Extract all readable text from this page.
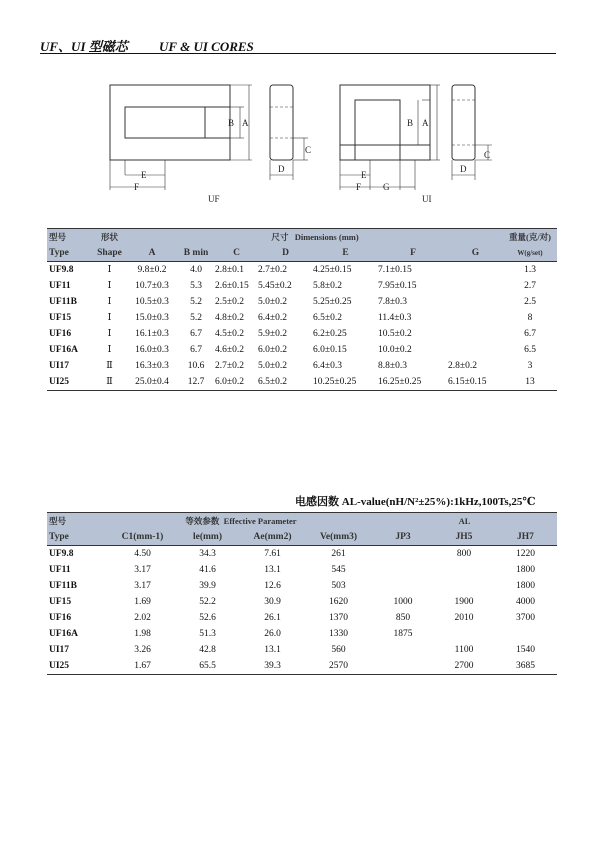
UF、UI 型磁芯 UF & UI CORES
B A
E
F
D
C
UF
B A
E
F G
D
C
UI
型号	形状	尺寸 Dimensions (mm)							重量(克/对)
Type	Shape	A	B min	C	D	E	F	G	W(g/set)
UF9.8	Ⅰ	9.8±0.2	4.0	2.8±0.1	2.7±0.2	4.25±0.15	7.1±0.15		1.3
UF11	Ⅰ	10.7±0.3	5.3	2.6±0.15	5.45±0.2	5.8±0.2	7.95±0.15		2.7
UF11B	Ⅰ	10.5±0.3	5.2	2.5±0.2	5.0±0.2	5.25±0.25	7.8±0.3		2.5
UF15	Ⅰ	15.0±0.3	5.2	4.8±0.2	6.4±0.2	6.5±0.2	11.4±0.3		8
UF16	Ⅰ	16.1±0.3	6.7	4.5±0.2	5.9±0.2	6.2±0.25	10.5±0.2		6.7
UF16A	Ⅰ	16.0±0.3	6.7	4.6±0.2	6.0±0.2	6.0±0.15	10.0±0.2		6.5
UI17	Ⅱ	16.3±0.3	10.6	2.7±0.2	5.0±0.2	6.4±0.3	8.8±0.3	2.8±0.2	3
UI25	Ⅱ	25.0±0.4	12.7	6.0±0.2	6.5±0.2	10.25±0.25	16.25±0.25	6.15±0.15	13
电感因数 AL-value(nH/N²±25%):1kHz,100Ts,25℃
型号	等效参数 Effective Parameter				AL		
Type	C1(mm-1)	le(mm)	Ae(mm2)	Ve(mm3)	JP3	JH5	JH7
UF9.8	4.50	34.3	7.61	261		800	1220
UF11	3.17	41.6	13.1	545			1800
UF11B	3.17	39.9	12.6	503			1800
UF15	1.69	52.2	30.9	1620	1000	1900	4000
UF16	2.02	52.6	26.1	1370	850	2010	3700
UF16A	1.98	51.3	26.0	1330	1875		
UI17	3.26	42.8	13.1	560		1100	1540
UI25	1.67	65.5	39.3	2570		2700	3685
